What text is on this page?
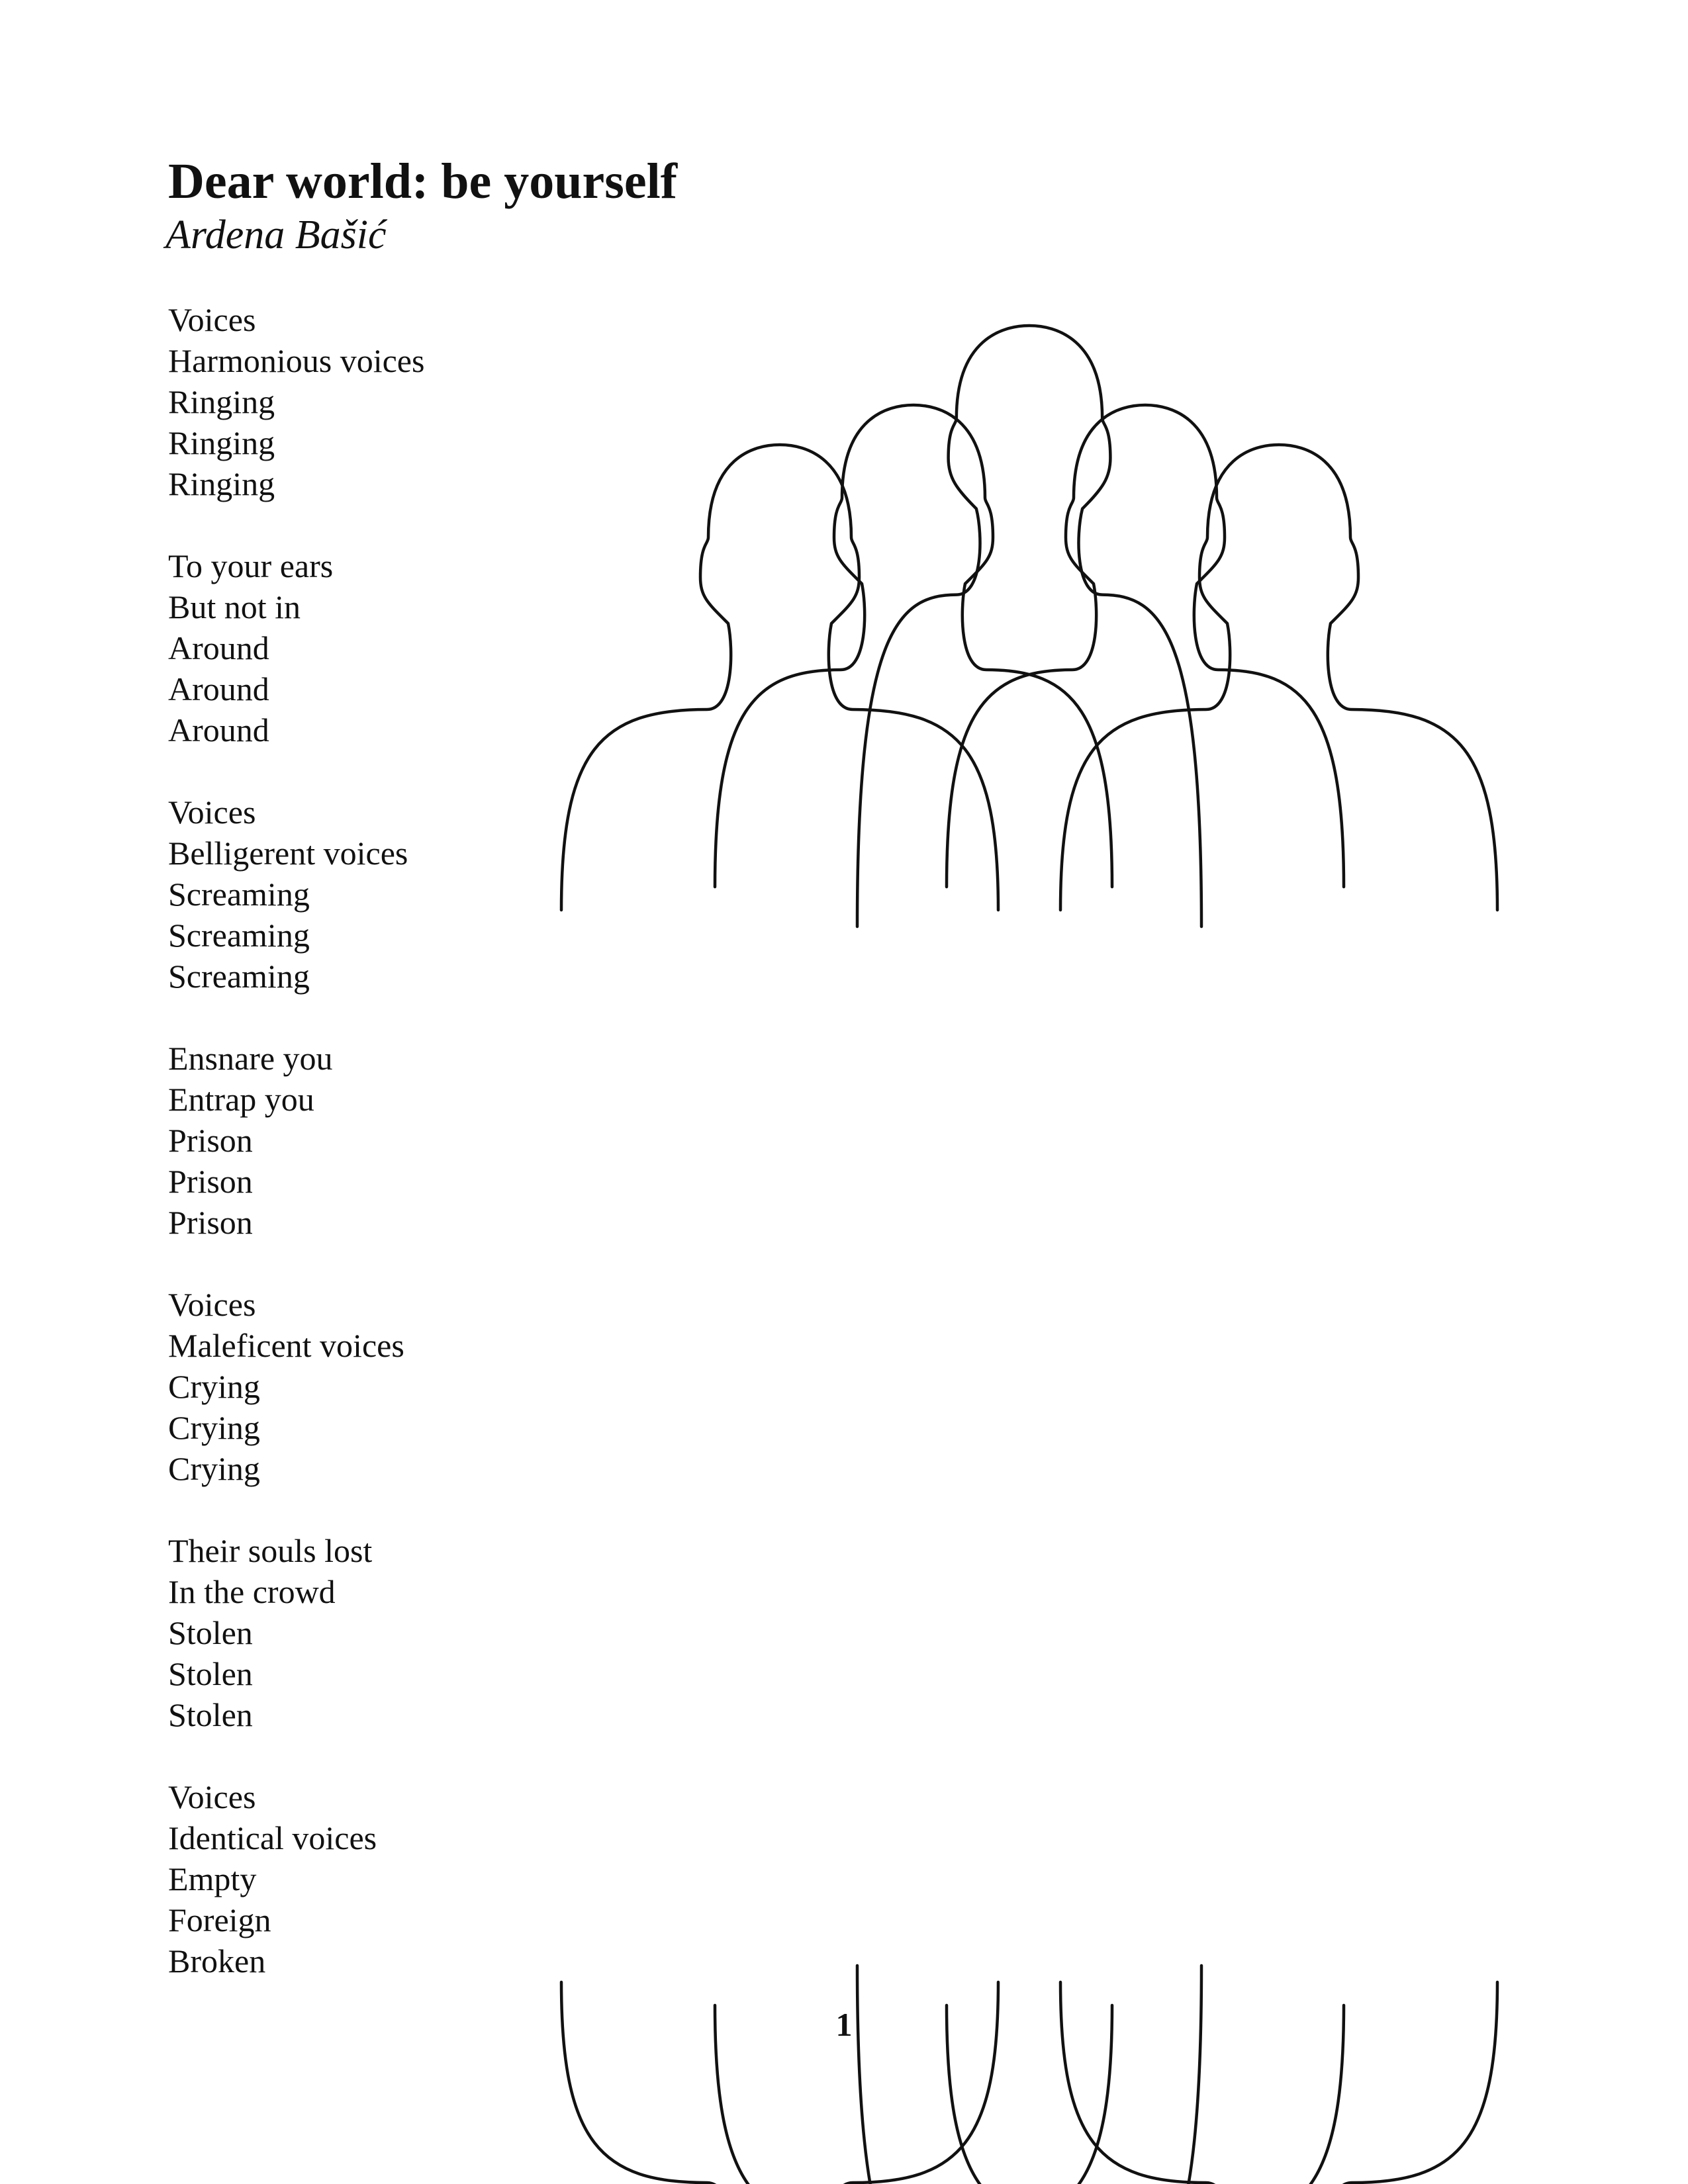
Dear world: be yourself
Ardena Bašić
Voices
Harmonious voices
Ringing
Ringing
Ringing
To your ears
But not in
Around
Around
Around
Voices
Belligerent voices
Screaming
Screaming
Screaming
Ensnare you
Entrap you
Prison
Prison
Prison
Voices
Maleficent voices
Crying
Crying
Crying
Their souls lost
In the crowd
Stolen
Stolen
Stolen
Voices
Identical voices
Empty
Foreign
Broken
1
